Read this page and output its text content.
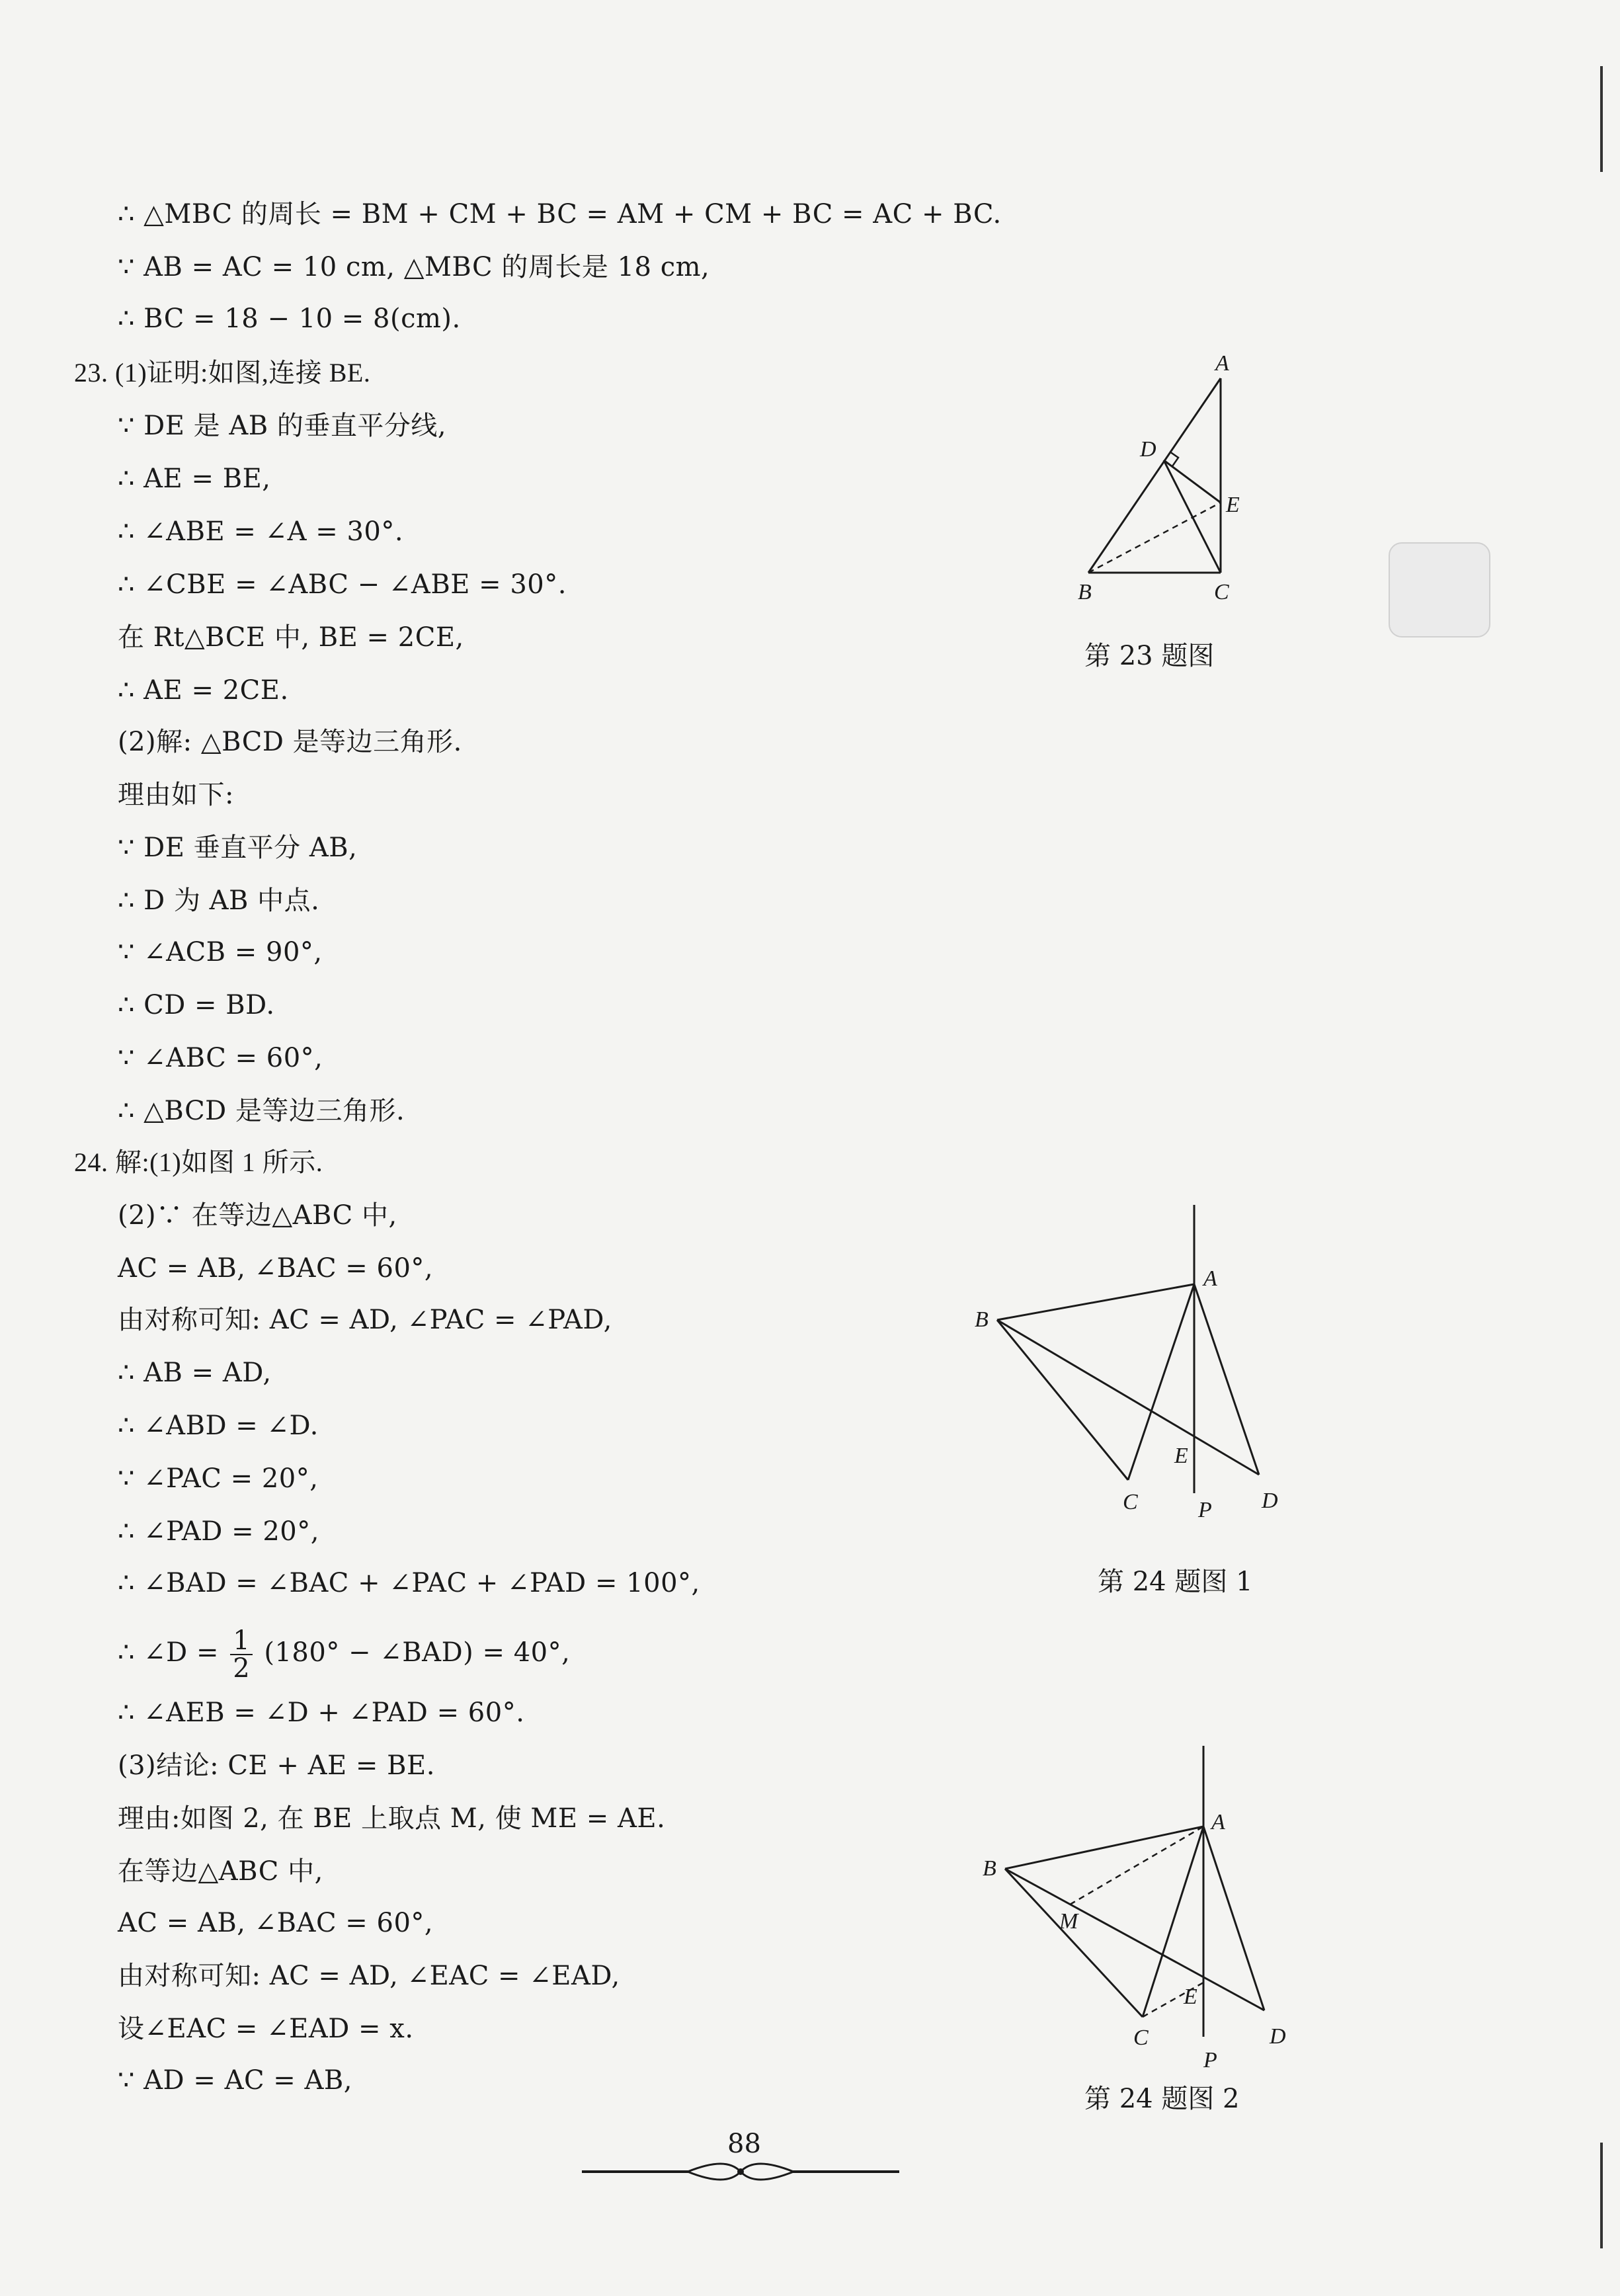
∴ △MBC 的周长 = BM + CM + BC = AM + CM + BC = AC + BC.
∵ AB = AC = 10 cm, △MBC 的周长是 18 cm,
∴ BC = 18 − 10 = 8(cm).
23. (1)证明:如图,连接 BE.
∵ DE 是 AB 的垂直平分线,
∴ AE = BE,
∴ ∠ABE = ∠A = 30°.
∴ ∠CBE = ∠ABC − ∠ABE = 30°.
在 Rt△BCE 中, BE = 2CE,
∴ AE = 2CE.
(2)解: △BCD 是等边三角形.
理由如下:
∵ DE 垂直平分 AB,
∴ D 为 AB 中点.
∵ ∠ACB = 90°,
∴ CD = BD.
∵ ∠ABC = 60°,
∴ △BCD 是等边三角形.
24. 解:(1)如图 1 所示.
(2)∵ 在等边△ABC 中,
AC = AB, ∠BAC = 60°,
由对称可知: AC = AD, ∠PAC = ∠PAD,
∴ AB = AD,
∴ ∠ABD = ∠D.
∵ ∠PAC = 20°,
∴ ∠PAD = 20°,
∴ ∠BAD = ∠BAC + ∠PAC + ∠PAD = 100°,
∴ ∠D = $\frac{1}{2} (180^\circ$ − ∠BAD) = 40°,
∴ ∠AEB = ∠D + ∠PAD = 60°.
(3)结论: CE + AE = BE.
理由:如图 2, 在 BE 上取点 M, 使 ME = AE.
在等边△ABC 中,
AC = AB, ∠BAC = 60°,
由对称可知: AC = AD, ∠EAC = ∠EAD,
设∠EAC = ∠EAD = x.
∵ AD = AC = AB,
A
D
E
B	C
第 23 题图
A
B
E
C	D
P
第 24 题图 1
A
B
M
E
C	D
P
第 24 题图 2
88
